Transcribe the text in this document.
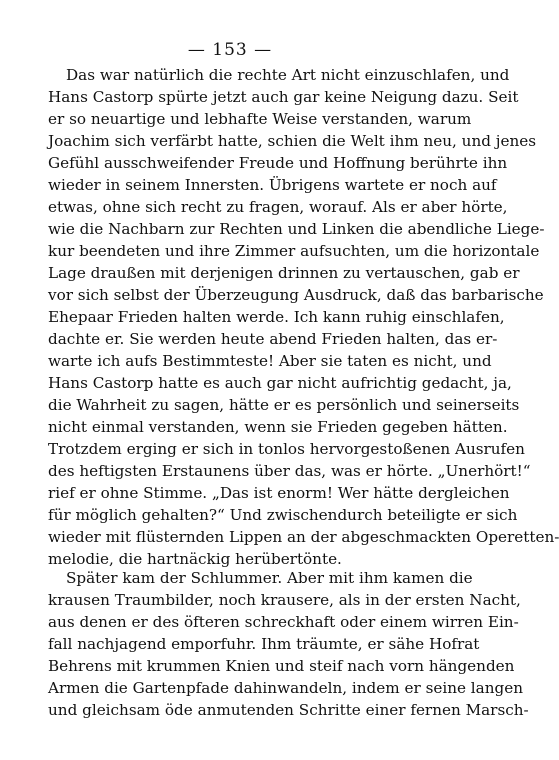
— 153 —
Das war natürlich die rechte Art nicht einzuschlafen, und
Hans Castorp spürte jetzt auch gar keine Neigung dazu. Seit
er so neuartige und lebhafte Weise verstanden, warum
Joachim sich verfärbt hatte, schien die Welt ihm neu, und jenes
Gefühl ausschweifender Freude und Hoffnung berührte ihn
wieder in seinem Innersten. Übrigens wartete er noch auf
etwas, ohne sich recht zu fragen, worauf. Als er aber hörte,
wie die Nachbarn zur Rechten und Linken die abendliche Liege-
kur beendeten und ihre Zimmer aufsuchten, um die horizontale
Lage draußen mit derjenigen drinnen zu vertauschen, gab er
vor sich selbst der Überzeugung Ausdruck, daß das barbarische
Ehepaar Frieden halten werde. Ich kann ruhig einschlafen,
dachte er. Sie werden heute abend Frieden halten, das er-
warte ich aufs Bestimmteste! Aber sie taten es nicht, und
Hans Castorp hatte es auch gar nicht aufrichtig gedacht, ja,
die Wahrheit zu sagen, hätte er es persönlich und seinerseits
nicht einmal verstanden, wenn sie Frieden gegeben hätten.
Trotzdem erging er sich in tonlos hervorgestoßenen Ausrufen
des heftigsten Erstaunens über das, was er hörte. „Unerhört!“
rief er ohne Stimme. „Das ist enorm! Wer hätte dergleichen
für möglich gehalten?“ Und zwischendurch beteiligte er sich
wieder mit flüsternden Lippen an der abgeschmackten Operetten-
melodie, die hartnäckig herübertönte.
Später kam der Schlummer. Aber mit ihm kamen die
krausen Traumbilder, noch krausere, als in der ersten Nacht,
aus denen er des öfteren schreckhaft oder einem wirren Ein-
fall nachjagend emporfuhr. Ihm träumte, er sähe Hofrat
Behrens mit krummen Knien und steif nach vorn hängenden
Armen die Gartenpfade dahinwandeln, indem er seine langen
und gleichsam öde anmutenden Schritte einer fernen Marsch-
